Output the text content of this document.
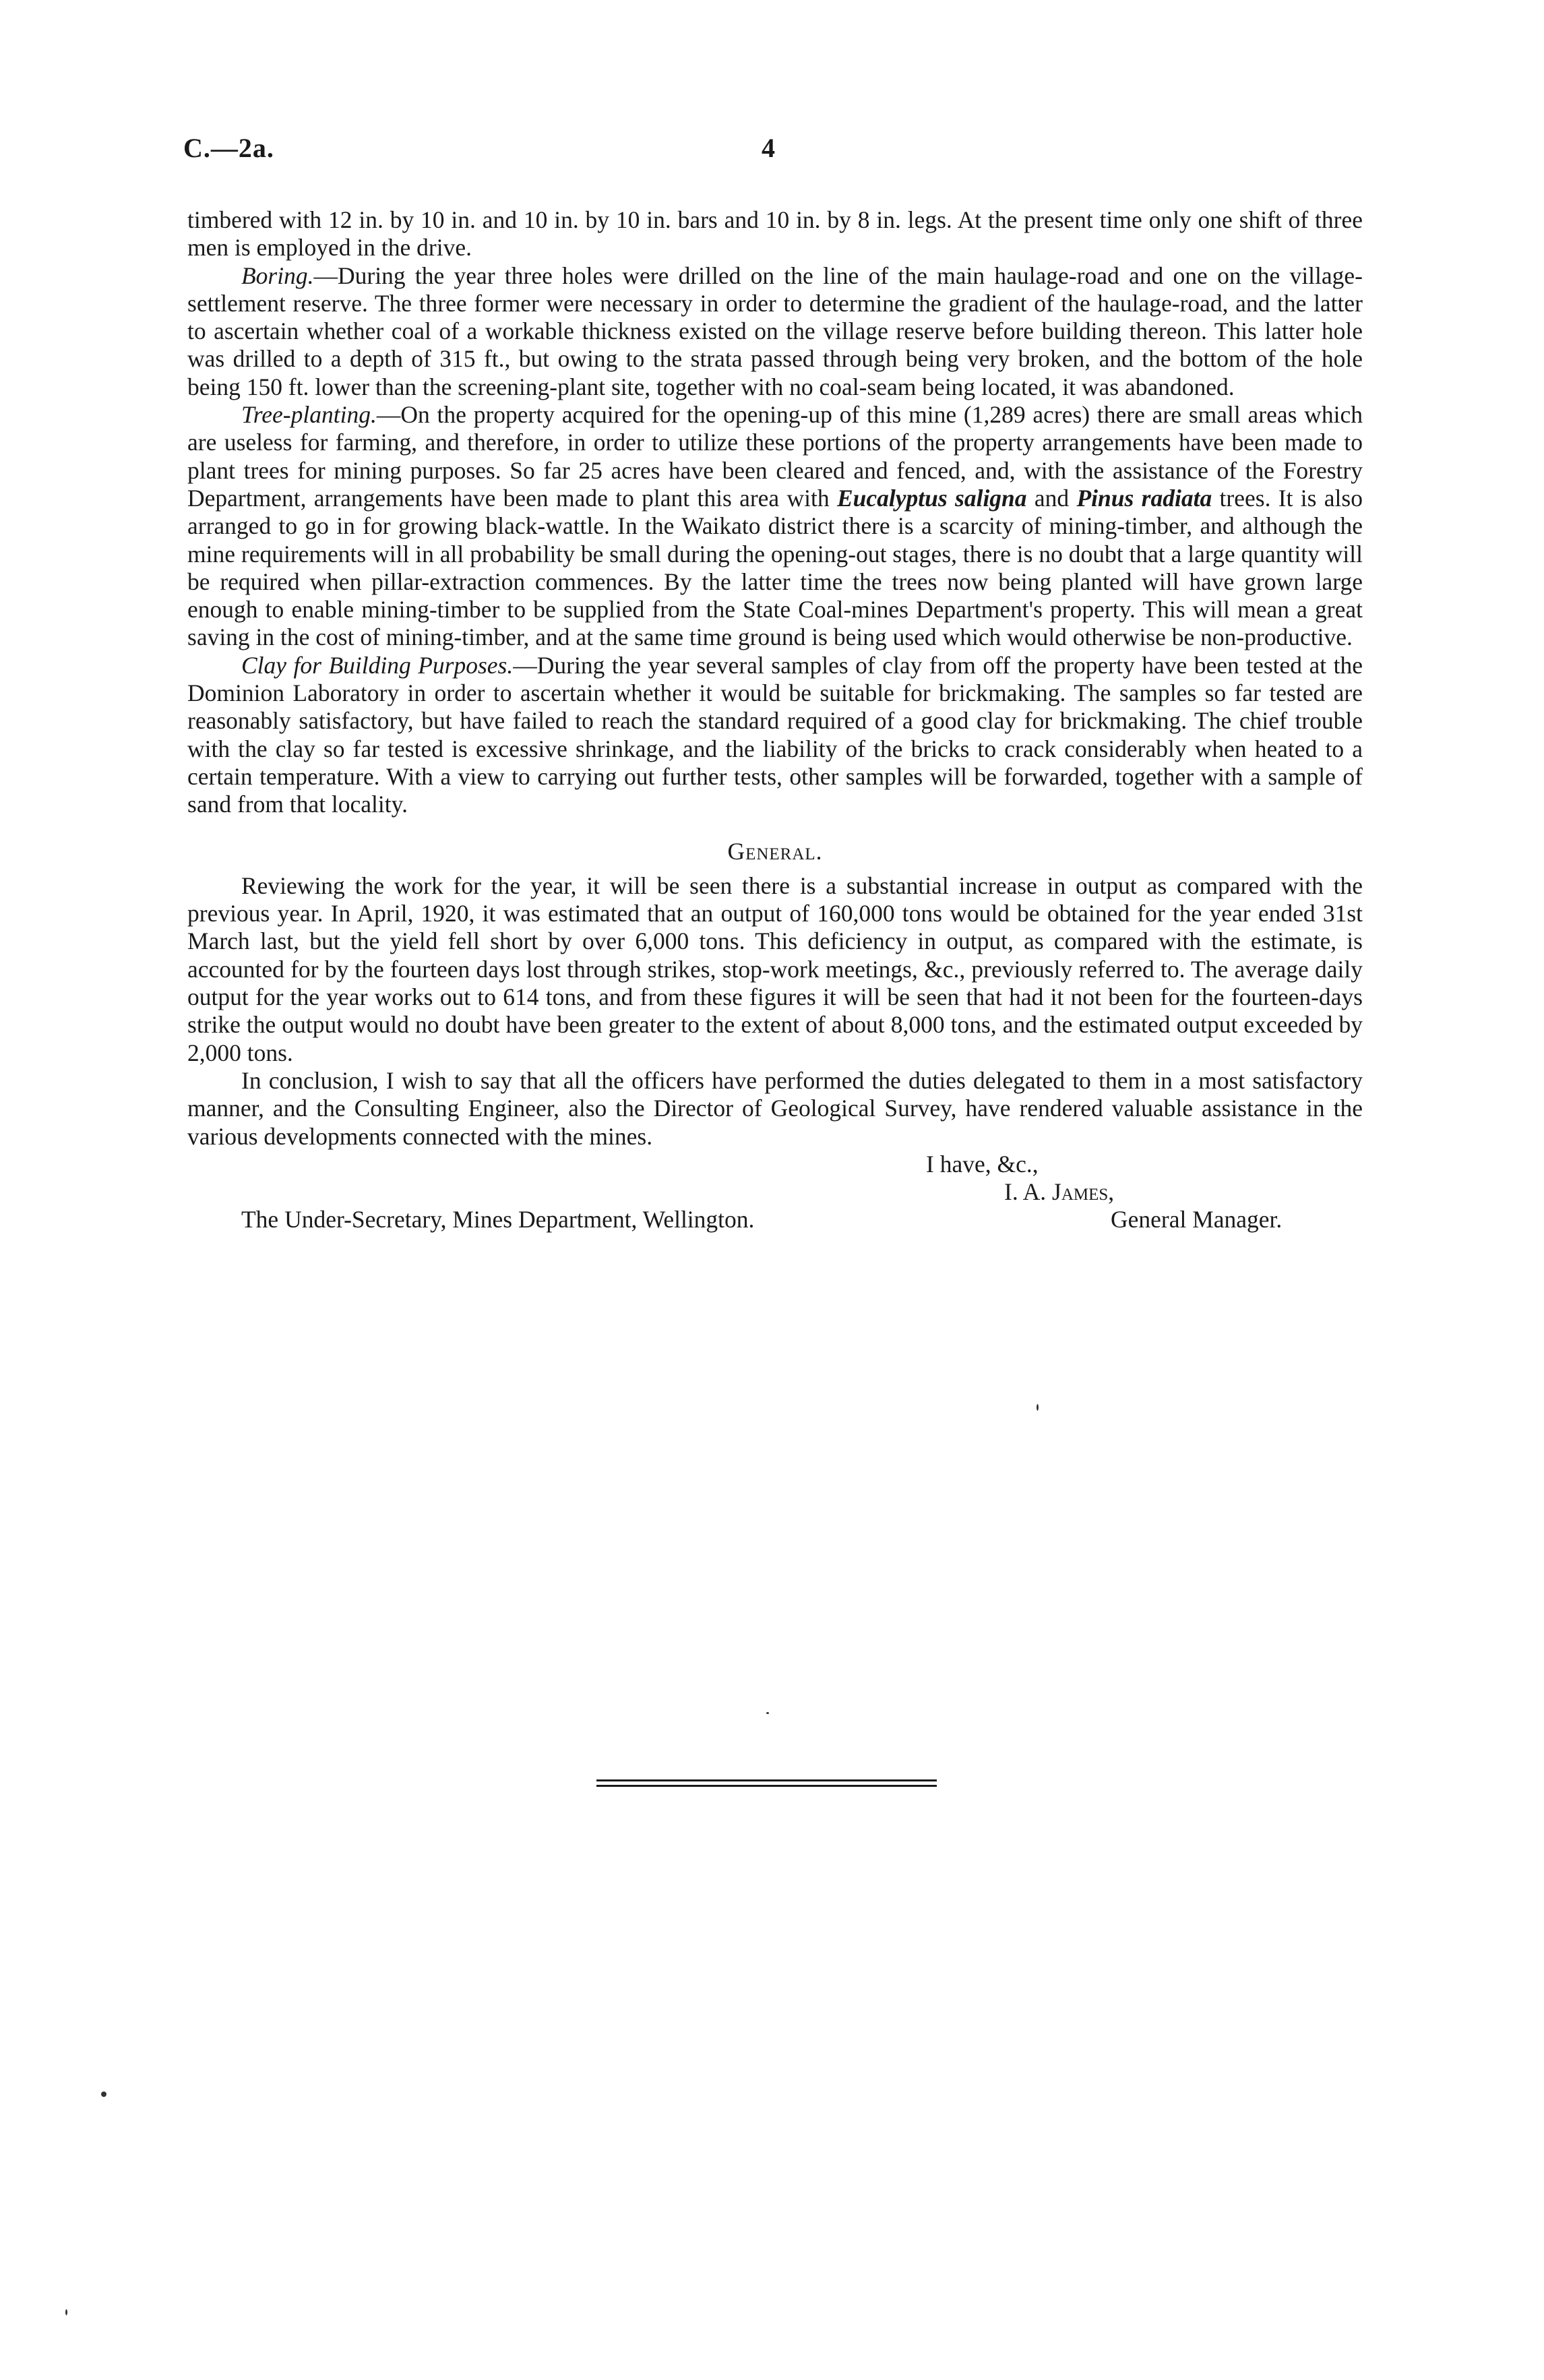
C.—2a.	4

timbered with 12 in. by 10 in. and 10 in. by 10 in. bars and 10 in. by 8 in. legs. At the present time only one shift of three men is employed in the drive.

Boring.—During the year three holes were drilled on the line of the main haulage-road and one on the village-settlement reserve. The three former were necessary in order to determine the gradient of the haulage-road, and the latter to ascertain whether coal of a workable thickness existed on the village reserve before building thereon. This latter hole was drilled to a depth of 315 ft., but owing to the strata passed through being very broken, and the bottom of the hole being 150 ft. lower than the screening-plant site, together with no coal-seam being located, it was abandoned.

Tree-planting.—On the property acquired for the opening-up of this mine (1,289 acres) there are small areas which are useless for farming, and therefore, in order to utilize these portions of the property arrangements have been made to plant trees for mining purposes. So far 25 acres have been cleared and fenced, and, with the assistance of the Forestry Department, arrangements have been made to plant this area with Eucalyptus saligna and Pinus radiata trees. It is also arranged to go in for growing black-wattle. In the Waikato district there is a scarcity of mining-timber, and although the mine requirements will in all probability be small during the opening-out stages, there is no doubt that a large quantity will be required when pillar-extraction commences. By the latter time the trees now being planted will have grown large enough to enable mining-timber to be supplied from the State Coal-mines Department's property. This will mean a great saving in the cost of mining-timber, and at the same time ground is being used which would otherwise be non-productive.

Clay for Building Purposes.—During the year several samples of clay from off the property have been tested at the Dominion Laboratory in order to ascertain whether it would be suitable for brickmaking. The samples so far tested are reasonably satisfactory, but have failed to reach the standard required of a good clay for brickmaking. The chief trouble with the clay so far tested is excessive shrinkage, and the liability of the bricks to crack considerably when heated to a certain temperature. With a view to carrying out further tests, other samples will be forwarded, together with a sample of sand from that locality.

General.

Reviewing the work for the year, it will be seen there is a substantial increase in output as compared with the previous year. In April, 1920, it was estimated that an output of 160,000 tons would be obtained for the year ended 31st March last, but the yield fell short by over 6,000 tons. This deficiency in output, as compared with the estimate, is accounted for by the fourteen days lost through strikes, stop-work meetings, &c., previously referred to. The average daily output for the year works out to 614 tons, and from these figures it will be seen that had it not been for the fourteen-days strike the output would no doubt have been greater to the extent of about 8,000 tons, and the estimated output exceeded by 2,000 tons.

In conclusion, I wish to say that all the officers have performed the duties delegated to them in a most satisfactory manner, and the Consulting Engineer, also the Director of Geological Survey, have rendered valuable assistance in the various developments connected with the mines.

I have, &c.,
I. A. James,
The Under-Secretary, Mines Department, Wellington.	General Manager.
